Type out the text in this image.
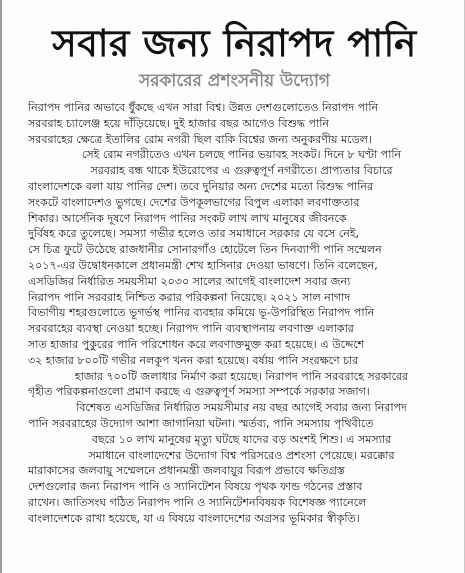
সবার জন্য নিরাপদ পানি
সরকারের প্রশংসনীয় উদ্যোগ
নিরাপদ পানির অভাবে ধুঁকছে এখন সারা বিশ্ব। উন্নত দেশগুলোতেও নিরাপদ পানি
সরবরাহ চ্যালেঞ্জ হয়ে দাঁড়িয়েছে। দুই হাজার বছর আগেও বিশুদ্ধ পানি
সরবরাহের ক্ষেত্রে ইতালির রোম নগরী ছিল বাকি বিশ্বের জন্য অনুকরণীয় মডেল।
সেই রোম নগরীতেও এখন চলছে পানির ভয়াবহ সংকট। দিনে ৮ ঘণ্টা পানি
সরবরাহ বন্ধ থাকে ইউরোপের এ গুরুত্বপূর্ণ নগরীতে। প্রাপ্যতার বিচারে
বাংলাদেশকে বলা যায় পানির দেশ। তবে দুনিয়ার অন্য দেশের মতো বিশুদ্ধ পানির
সংকটে বাংলাদেশও ভুগছে। দেশের উপকূলভাগের বিপুল এলাকা লবণাক্ততার
শিকার। আর্সেনিক দূষণে নিরাপদ পানির সংকট লাখ লাখ মানুষের জীবনকে
দুর্বিষহ করে তুলেছে। সমস্যা গভীর হলেও তার সমাধানে সরকার যে বসে নেই,
সে চিত্র ফুটে উঠেছে রাজধানীর সোনারগাঁও হোটেলে তিন দিনব্যাপী পানি সম্মেলন
২০১৭-এর উদ্বোধনকালে প্রধানমন্ত্রী শেখ হাসিনার দেওয়া ভাষণে। তিনি বলেছেন,
এসডিজির নির্ধারিত সময়সীমা ২০৩০ সালের আগেই বাংলাদেশ সবার জন্য
নিরাপদ পানি সরবরাহ নিশ্চিত করার পরিকল্পনা নিয়েছে। ২০২১ সাল নাগাদ
বিভাগীয় শহরগুলোতে ভূগর্ভস্থ পানির ব্যবহার কমিয়ে ভূ-উপরিস্থিত নিরাপদ পানি
সরবরাহের ব্যবস্থা নেওয়া হচ্ছে। নিরাপদ পানি ব্যবস্থাপনায় লবণাক্ত এলাকার
সাত হাজার পুকুরের পানি পরিশোধন করে লবণাক্তমুক্ত করা হয়েছে। এ উদ্দেশে
৩২ হাজার ৮০০টি গভীর নলকূপ খনন করা হয়েছে। বর্ষায় পানি সংরক্ষণে চার
হাজার ৭০০টি জলাধার নির্মাণ করা হয়েছে। নিরাপদ পানি সরবরাহে সরকারের
গৃহীত পরিকল্পনাগুলো প্রমাণ করছে এ গুরুত্বপূর্ণ সমস্যা সম্পর্কে সরকার সজাগ।
বিশেষত এসডিজির নির্ধারিত সময়সীমার নয় বছর আগেই সবার জন্য নিরাপদ
পানি সরবরাহের উদ্যোগ আশা জাগানিয়া ঘটনা। স্মর্তব্য, পানি সমস্যায় পৃথিবীতে
বছরে ১০ লাখ মানুষের মৃত্যু ঘটছে যাদের বড় অংশই শিশু। এ সমস্যার
সমাধানে বাংলাদেশের উদ্যোগ বিশ্ব পরিসরেও প্রশংসা পেয়েছে। মরক্কোর
মারাকাসের জলবায়ু সম্মেলনে প্রধানমন্ত্রী জলবায়ুর বিরূপ প্রভাবে ক্ষতিগ্রস্ত
দেশগুলোর জন্য নিরাপদ পানি ও স্যানিটেশন বিষয়ে পৃথক ফান্ড গঠনের প্রস্তাব
রাখেন। জাতিসংঘ গঠিত নিরাপদ পানি ও স্যানিটেশনবিষয়ক বিশেষজ্ঞ প্যানেলে
বাংলাদেশকে রাখা হয়েছে, যা এ বিষয়ে বাংলাদেশের অগ্রসর ভূমিকার স্বীকৃতি।
